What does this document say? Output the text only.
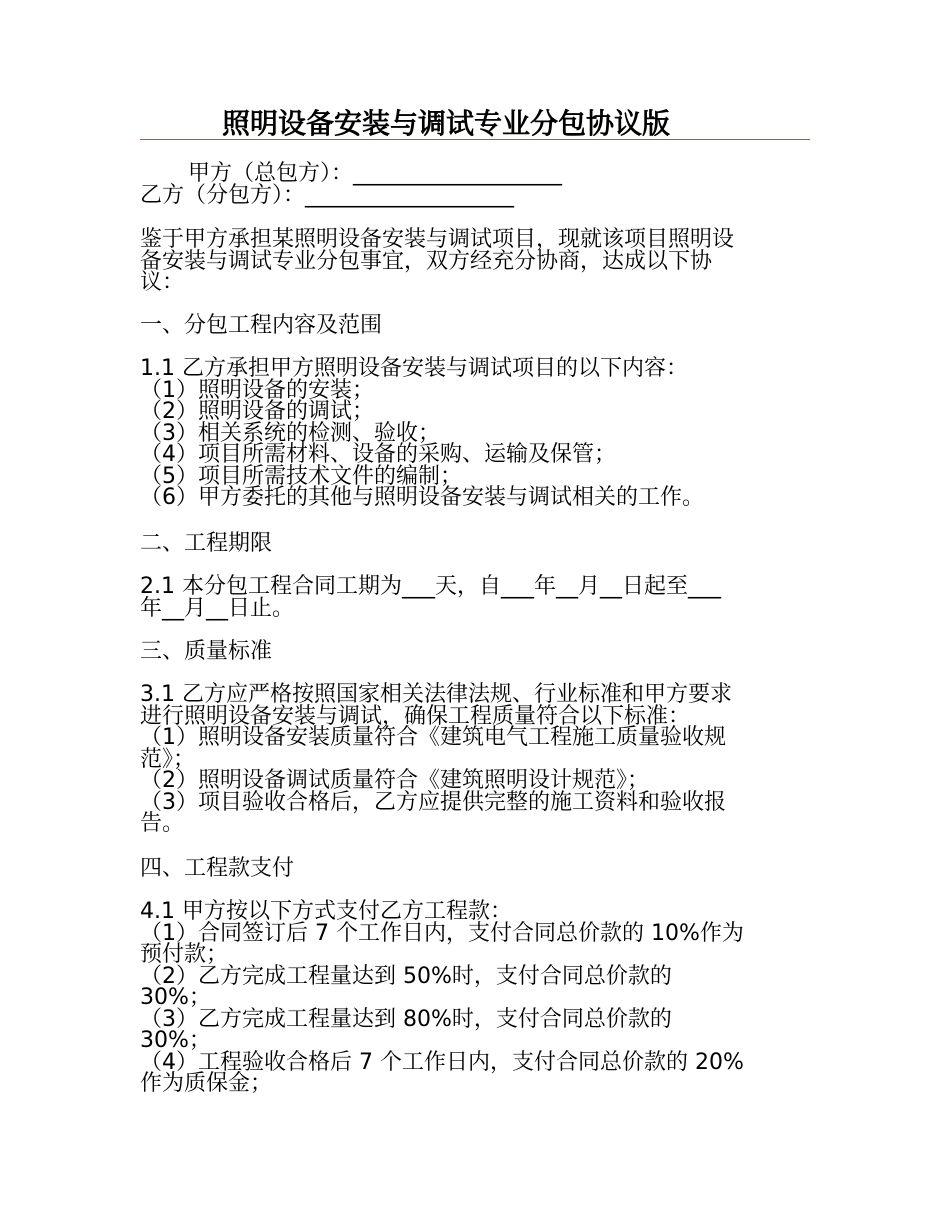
照明设备安装与调试专业分包协议版
甲方（总包方）：___________________
乙方（分包方）：___________________
鉴于甲方承担某照明设备安装与调试项目，现就该项目照明设
备安装与调试专业分包事宜，双方经充分协商，达成以下协
议：
一、分包工程内容及范围
1.1 乙方承担甲方照明设备安装与调试项目的以下内容：
（1）照明设备的安装；
（2）照明设备的调试；
（3）相关系统的检测、验收；
（4）项目所需材料、设备的采购、运输及保管；
（5）项目所需技术文件的编制；
（6）甲方委托的其他与照明设备安装与调试相关的工作。
二、工程期限
2.1 本分包工程合同工期为___天，自___年__月__日起至___
年__月__日止。
三、质量标准
3.1 乙方应严格按照国家相关法律法规、行业标准和甲方要求
进行照明设备安装与调试，确保工程质量符合以下标准：
（1）照明设备安装质量符合《建筑电气工程施工质量验收规
范》；
（2）照明设备调试质量符合《建筑照明设计规范》；
（3）项目验收合格后，乙方应提供完整的施工资料和验收报
告。
四、工程款支付
4.1 甲方按以下方式支付乙方工程款：
（1）合同签订后 7 个工作日内，支付合同总价款的 10%作为
预付款；
（2）乙方完成工程量达到 50%时，支付合同总价款的
30%；
（3）乙方完成工程量达到 80%时，支付合同总价款的
30%；
（4）工程验收合格后 7 个工作日内，支付合同总价款的 20%
作为质保金；
